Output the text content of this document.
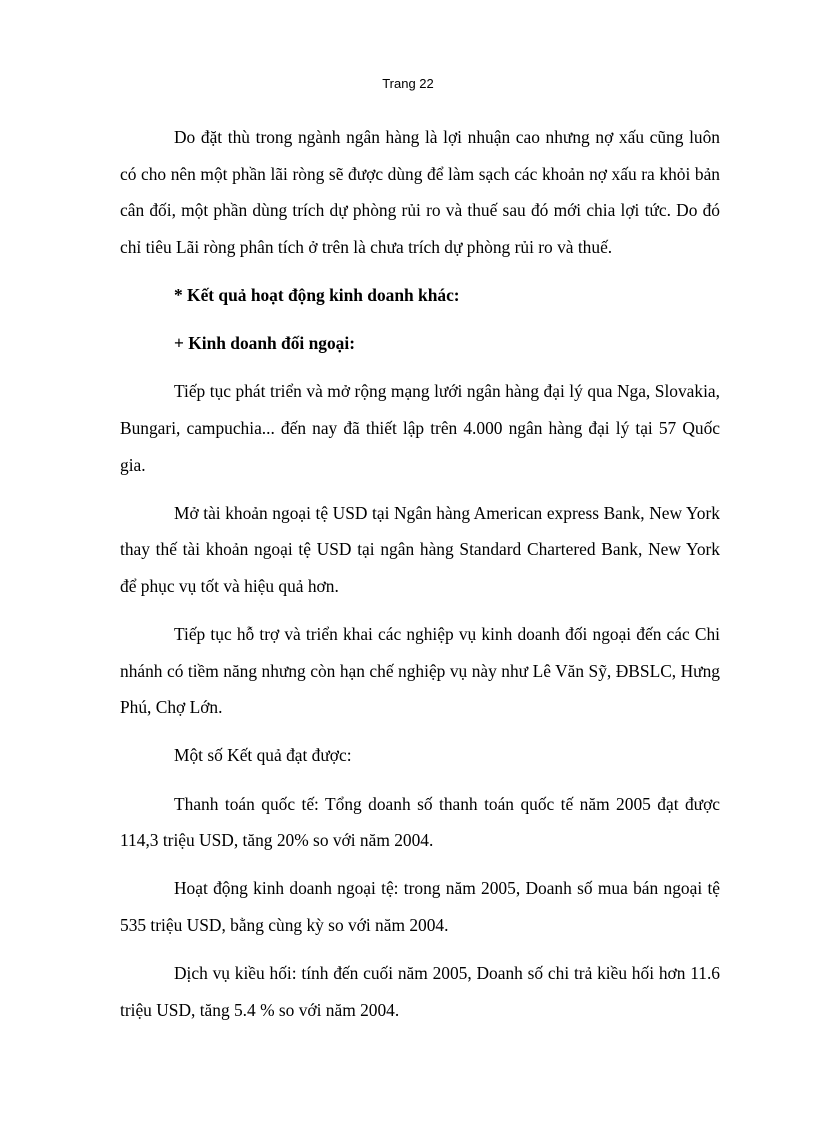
Trang 22

Do đặt thù trong ngành ngân hàng là lợi nhuận cao nhưng nợ xấu cũng luôn có cho nên một phần lãi ròng sẽ được dùng để làm sạch các khoản nợ xấu ra khỏi bản cân đối, một phần dùng trích dự phòng rủi ro và thuế sau đó mới chia lợi tức. Do đó chỉ tiêu Lãi ròng phân tích ở trên là chưa trích dự phòng rủi ro và thuế.

* Kết quả hoạt động kinh doanh khác:

+ Kinh doanh đối ngoại:

Tiếp tục phát triển và mở rộng mạng lưới ngân hàng đại lý qua Nga, Slovakia, Bungari, campuchia... đến nay đã thiết lập trên 4.000 ngân hàng đại lý tại 57 Quốc gia.

Mở tài khoản ngoại tệ USD tại Ngân hàng American express Bank, New York thay thế tài khoản ngoại tệ USD tại ngân hàng Standard Chartered Bank, New York để phục vụ tốt và hiệu quả hơn.

Tiếp tục hỗ trợ và triển khai các nghiệp vụ kinh doanh đối ngoại đến các Chi nhánh có tiềm năng nhưng còn hạn chế nghiệp vụ này như Lê Văn Sỹ, ĐBSLC, Hưng Phú, Chợ Lớn.

Một số Kết quả đạt được:

Thanh toán quốc tế: Tổng doanh số thanh toán quốc tế năm 2005 đạt được 114,3 triệu USD, tăng 20% so với năm 2004.

Hoạt động kinh doanh ngoại tệ: trong năm 2005, Doanh số mua bán ngoại tệ 535 triệu USD, bằng cùng kỳ so với năm 2004.

Dịch vụ kiều hối: tính đến cuối năm 2005, Doanh số chi trả kiều hối hơn 11.6 triệu USD, tăng 5.4 % so với năm 2004.
